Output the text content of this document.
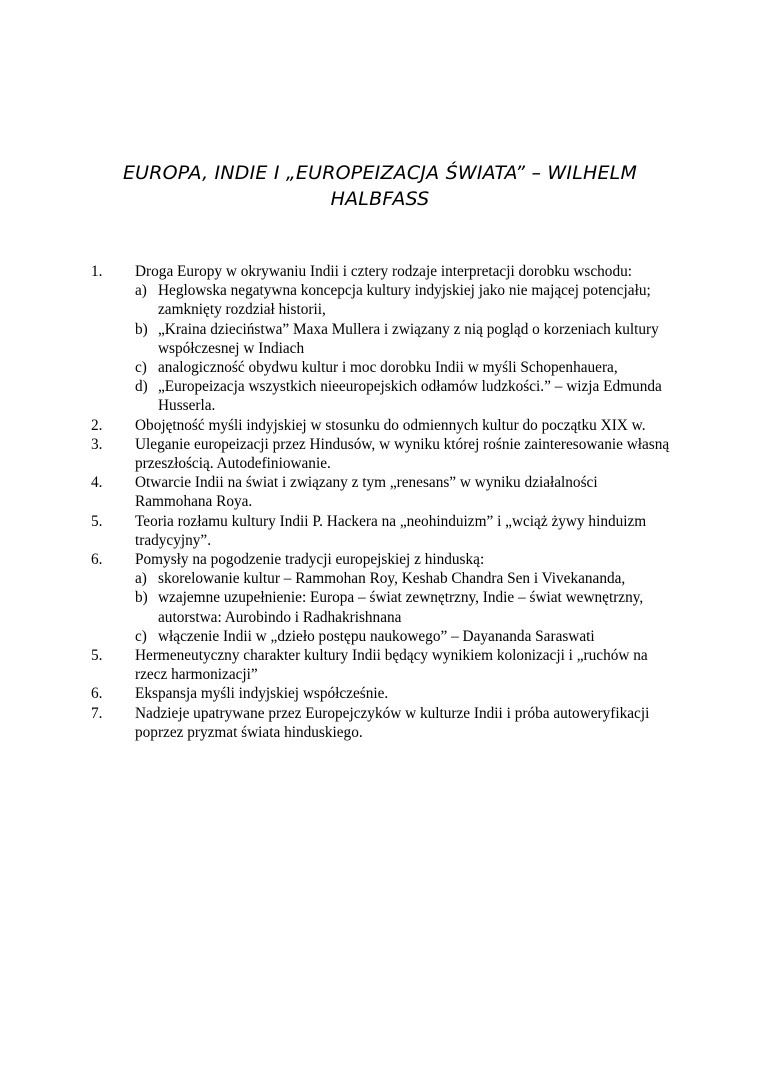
EUROPA, INDIE I „EUROPEIZACJA ŚWIATA” – WILHELM HALBFASS
1. Droga Europy w okrywaniu Indii i cztery rodzaje interpretacji dorobku wschodu:
a) Heglowska negatywna koncepcja kultury indyjskiej jako nie mającej potencjału; zamknięty rozdział historii,
b) „Kraina dzieciństwa” Maxa Mullera i związany z nią pogląd o korzeniach kultury współczesnej w Indiach
c) analogiczność obydwu kultur i moc dorobku Indii w myśli Schopenhauera,
d) „Europeizacja wszystkich nieeuropejskich odłamów ludzkości.” – wizja Edmunda Husserla.
2. Obojętność myśli indyjskiej w stosunku do odmiennych kultur do początku XIX w.
3. Uleganie europeizacji przez Hindusów, w wyniku której rośnie zainteresowanie własną przeszłością. Autodefiniowanie.
4. Otwarcie Indii na świat i związany z tym „renesans” w wyniku działalności Rammohana Roya.
5. Teoria rozłamu kultury Indii P. Hackera na „neohinduizm” i „wciąż żywy hinduizm tradycyjny”.
6. Pomysły na pogodzenie tradycji europejskiej z hinduską:
a) skorelowanie kultur – Rammohan Roy, Keshab Chandra Sen i Vivekananda,
b) wzajemne uzupełnienie: Europa – świat zewnętrzny, Indie – świat wewnętrzny, autorstwa: Aurobindo i Radhakrishnana
c) włączenie Indii w „dzieło postępu naukowego” – Dayananda Saraswati
5. Hermeneutyczny charakter kultury Indii będący wynikiem kolonizacji i „ruchów na rzecz harmonizacji”
6. Ekspansja myśli indyjskiej współcześnie.
7. Nadzieje upatrywane przez Europejczyków w kulturze Indii i próba autoweryfikacji poprzez pryzmat świata hinduskiego.
